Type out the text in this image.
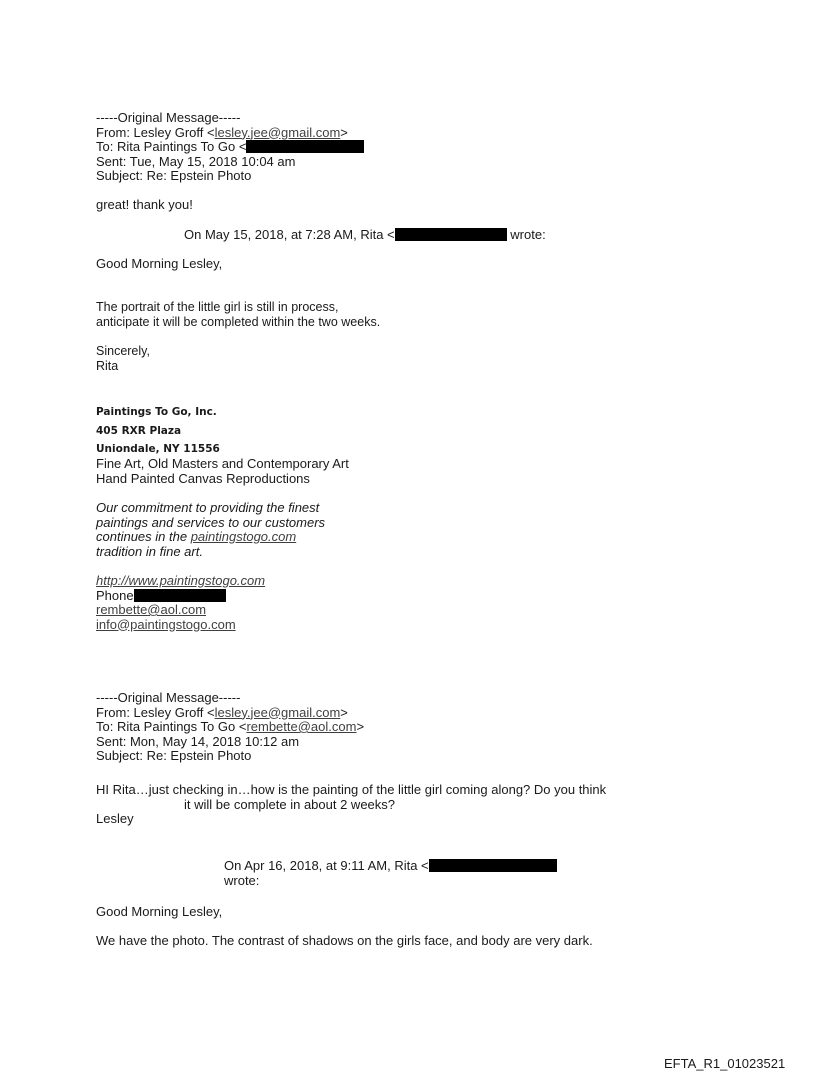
-----Original Message-----
From: Lesley Groff <lesley.jee@gmail.com>
To: Rita Paintings To Go <
Sent: Tue, May 15, 2018 10:04 am
Subject: Re: Epstein Photo
great! thank you!
On May 15, 2018, at 7:28 AM, Rita <	wrote:
Good Morning Lesley,
The portrait of the little girl is still in process,
anticipate it will be completed within the two weeks.
Sincerely,
Rita
Paintings To Go, Inc.
405 RXR Plaza
Uniondale, NY 11556
Fine Art, Old Masters and Contemporary Art
Hand Painted Canvas Reproductions
Our commitment to providing the finest
paintings and services to our customers
continues in the paintingstogo.com
tradition in fine art.
http://www.paintingstogo.com
Phone
rembette@aol.com
info@paintingstogo.com
-----Original Message-----
From: Lesley Groff <lesley.jee@gmail.com>
To: Rita Paintings To Go <rembette@aol.com>
Sent: Mon, May 14, 2018 10:12 am
Subject: Re: Epstein Photo
HI Rita…just checking in…how is the painting of the little girl coming along? Do you think
it will be complete in about 2 weeks?
Lesley
On Apr 16, 2018, at 9:11 AM, Rita <
wrote:
Good Morning Lesley,
We have the photo. The contrast of shadows on the girls face, and body are very dark.
EFTA_R1_01023521
